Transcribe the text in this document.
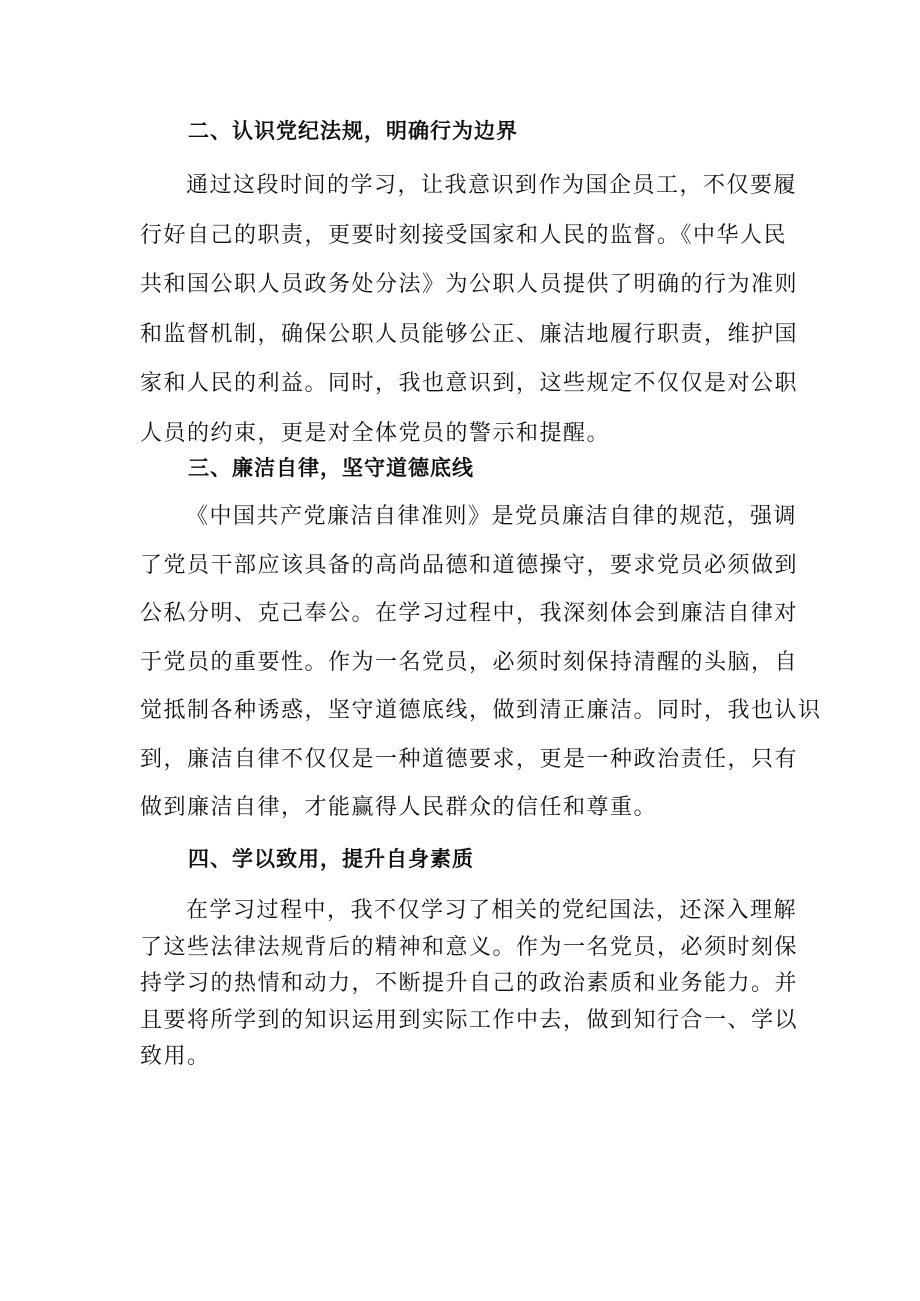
二、认识党纪法规，明确行为边界
通过这段时间的学习，让我意识到作为国企员工，不仅要履
行好自己的职责，更要时刻接受国家和人民的监督。《中华人民
共和国公职人员政务处分法》为公职人员提供了明确的行为准则
和监督机制，确保公职人员能够公正、廉洁地履行职责，维护国
家和人民的利益。同时，我也意识到，这些规定不仅仅是对公职
人员的约束，更是对全体党员的警示和提醒。
三、廉洁自律，坚守道德底线
《中国共产党廉洁自律准则》是党员廉洁自律的规范，强调
了党员干部应该具备的高尚品德和道德操守，要求党员必须做到
公私分明、克己奉公。在学习过程中，我深刻体会到廉洁自律对
于党员的重要性。作为一名党员，必须时刻保持清醒的头脑，自
觉抵制各种诱惑，坚守道德底线，做到清正廉洁。同时，我也认识
到，廉洁自律不仅仅是一种道德要求，更是一种政治责任，只有
做到廉洁自律，才能赢得人民群众的信任和尊重。
四、学以致用，提升自身素质
在学习过程中，我不仅学习了相关的党纪国法，还深入理解
了这些法律法规背后的精神和意义。作为一名党员，必须时刻保
持学习的热情和动力，不断提升自己的政治素质和业务能力。并
且要将所学到的知识运用到实际工作中去，做到知行合一、学以
致用。
